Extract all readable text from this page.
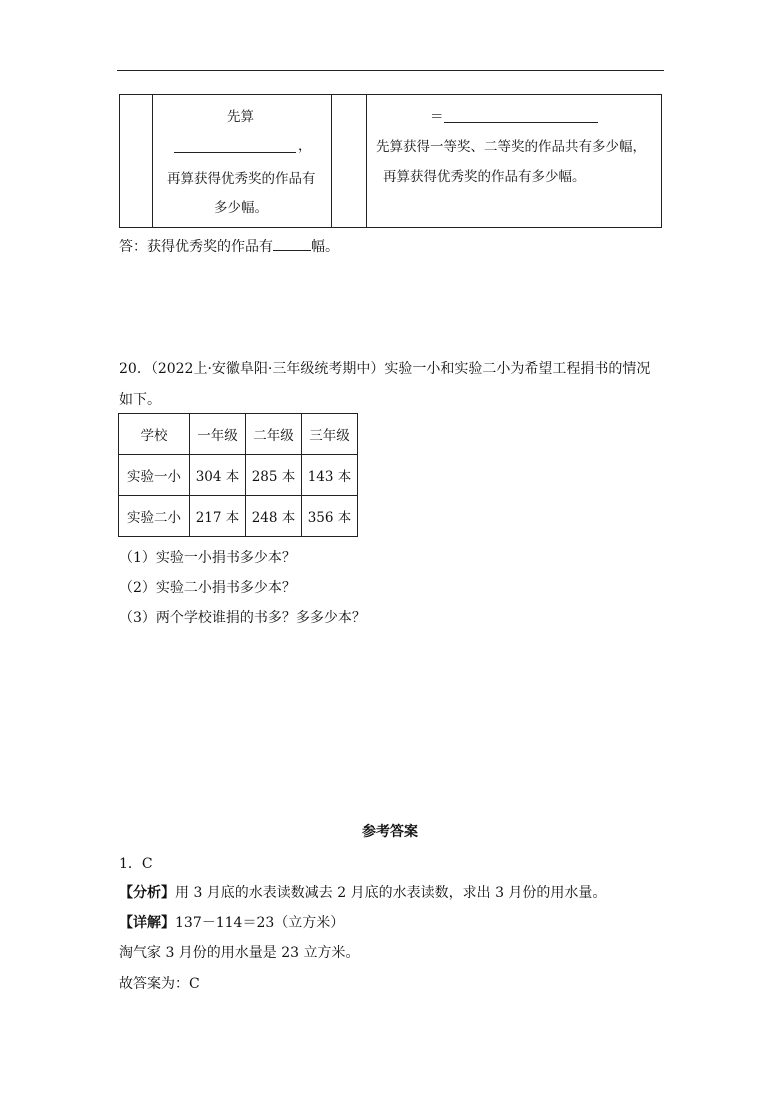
先算
，
再算获得优秀奖的作品有
多少幅。
＝
先算获得一等奖、二等奖的作品共有多少幅，
再算获得优秀奖的作品有多少幅。
答：获得优秀奖的作品有	幅。
20．（2022上·安徽阜阳·三年级统考期中）实验一小和实验二小为希望工程捐书的情况
如下。
学校	一年级	二年级	三年级
实验一小	304 本	285 本	143 本
实验二小	217 本	248 本	356 本
（1）实验一小捐书多少本？
（2）实验二小捐书多少本？
（3）两个学校谁捐的书多？多多少本？
参考答案
1．C
【分析】用 3 月底的水表读数减去 2 月底的水表读数，求出 3 月份的用水量。
【详解】137－114＝23（立方米）
淘气家 3 月份的用水量是 23 立方米。
故答案为：C
